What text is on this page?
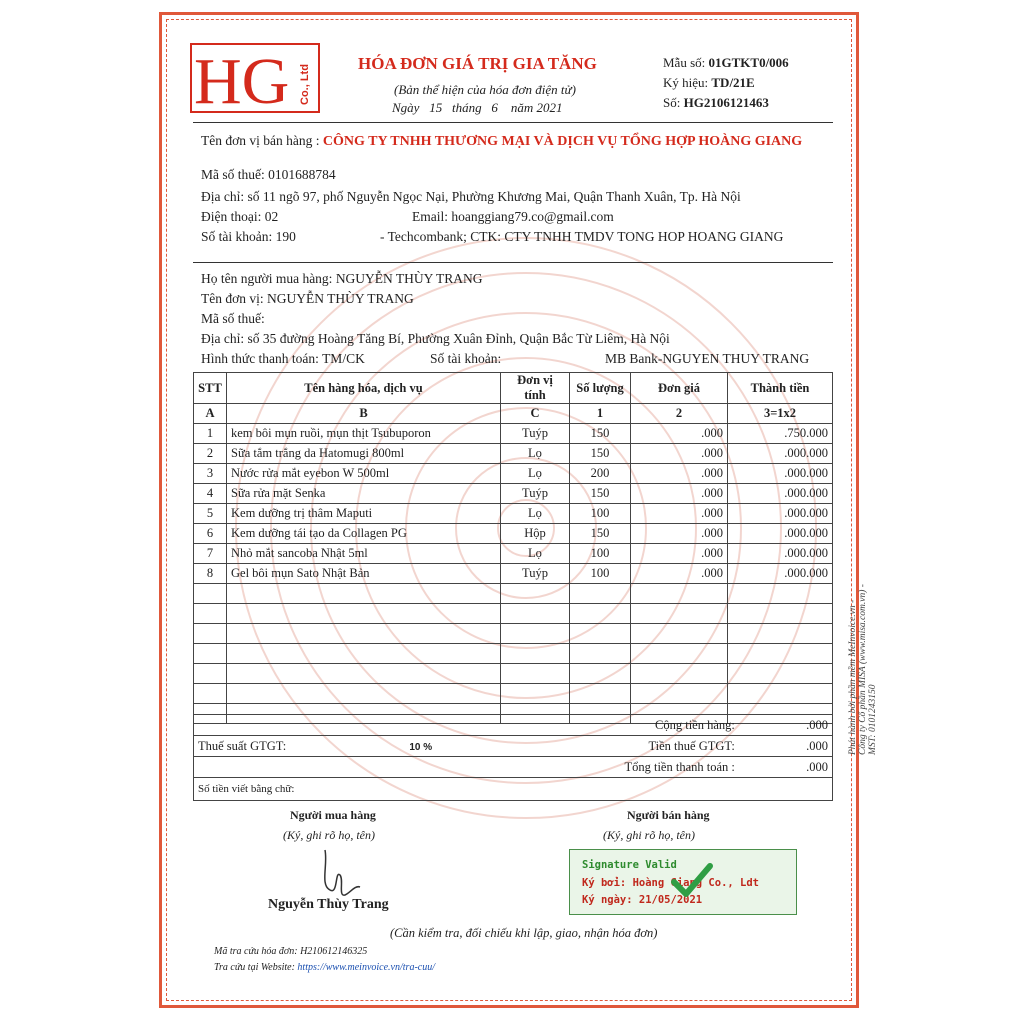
HG Co., Ltd
HÓA ĐƠN GIÁ TRỊ GIA TĂNG
(Bản thể hiện của hóa đơn điện tử)
Ngày 15 tháng 6 năm 2021
Mẫu số: 01GTKT0/006
Ký hiệu: TD/21E
Số: HG2106121463
Tên đơn vị bán hàng : CÔNG TY TNHH THƯƠNG MẠI VÀ DỊCH VỤ TỔNG HỢP HOÀNG GIANG
Mã số thuế: 0101688784
Địa chỉ: số 11 ngõ 97, phố Nguyễn Ngọc Nại, Phường Khương Mai, Quận Thanh Xuân, Tp. Hà Nội
Điện thoại: 02	Email: hoanggiang79.co@gmail.com
Số tài khoản: 190	- Techcombank; CTK: CTY TNHH TMDV TONG HOP HOANG GIANG
Họ tên người mua hàng: NGUYỄN THÙY TRANG
Tên đơn vị: NGUYỄN THÙY TRANG
Mã số thuế:
Địa chỉ: số 35 đường Hoàng Tăng Bí, Phường Xuân Đỉnh, Quận Bắc Từ Liêm, Hà Nội
Hình thức thanh toán: TM/CK	Số tài khoản:	MB Bank-NGUYEN THUY TRANG
STT	Tên hàng hóa, dịch vụ	Đơn vị tính	Số lượng	Đơn giá	Thành tiền
A	B	C	1	2	3=1x2
1	kem bôi mụn ruồi, mụn thịt Tsubuporon	Tuýp	150	.000	.750.000
2	Sữa tắm trắng da Hatomugi 800ml	Lọ	150	.000	.000.000
3	Nước rửa mắt eyebon W 500ml	Lọ	200	.000	.000.000
4	Sữa rửa mặt Senka	Tuýp	150	.000	.000.000
5	Kem dưỡng trị thâm Maputi	Lọ	100	.000	.000.000
6	Kem dưỡng tái tạo da Collagen PG	Hộp	150	.000	.000.000
7	Nhỏ mắt sancoba Nhật 5ml	Lọ	100	.000	.000.000
8	Gel bôi mụn Sato Nhật Bản	Tuýp	100	.000	.000.000

Cộng tiền hàng:	.000
Thuế suất GTGT:	10 %	Tiền thuế GTGT:	.000
Tổng tiền thanh toán :	.000
Số tiền viết bằng chữ:
Người mua hàng
(Ký, ghi rõ họ, tên)
Nguyễn Thùy Trang
Người bán hàng
(Ký, ghi rõ họ, tên)
Signature Valid
Ký bởi: Hoàng Giang Co., Ldt
Ký ngày: 21/05/2021
(Cần kiểm tra, đối chiếu khi lập, giao, nhận hóa đơn)
Mã tra cứu hóa đơn: H210612146325
Tra cứu tại Website: https://www.meinvoice.vn/tra-cuu/
Phát hành bởi phần mềm MeInvoice.vn - Công ty Cổ phần MISA (www.misa.com.vn) - MST: 0101243150
